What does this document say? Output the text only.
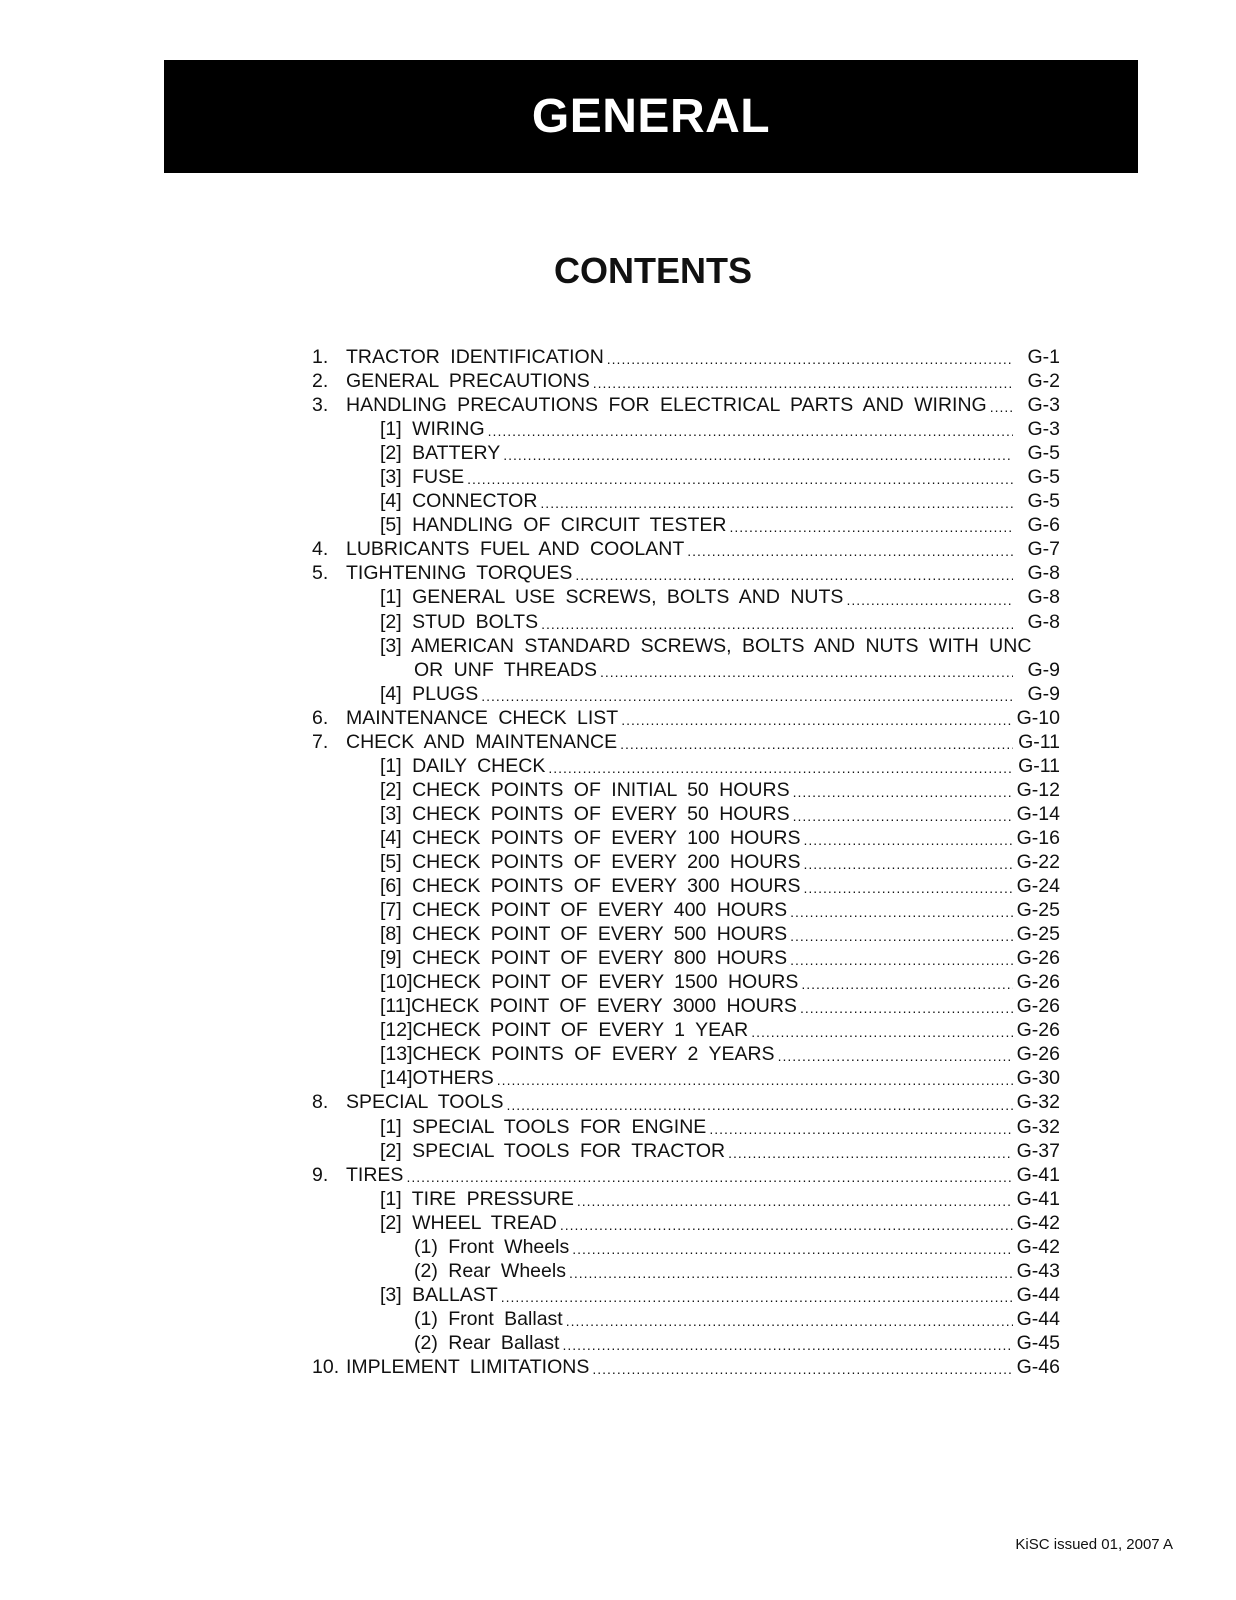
GENERAL
CONTENTS
1. TRACTOR IDENTIFICATION .....	G-1
2. GENERAL PRECAUTIONS .....	G-2
3. HANDLING PRECAUTIONS FOR ELECTRICAL PARTS AND WIRING .....	G-3
[1] WIRING .....	G-3
[2] BATTERY .....	G-5
[3] FUSE .....	G-5
[4] CONNECTOR .....	G-5
[5] HANDLING OF CIRCUIT TESTER .....	G-6
4. LUBRICANTS FUEL AND COOLANT .....	G-7
5. TIGHTENING TORQUES .....	G-8
[1] GENERAL USE SCREWS, BOLTS AND NUTS .....	G-8
[2] STUD BOLTS .....	G-8
[3] AMERICAN STANDARD SCREWS, BOLTS AND NUTS WITH UNC
OR UNF THREADS .....	G-9
[4] PLUGS .....	G-9
6. MAINTENANCE CHECK LIST .....	G-10
7. CHECK AND MAINTENANCE .....	G-11
[1] DAILY CHECK .....	G-11
[2] CHECK POINTS OF INITIAL 50 HOURS .....	G-12
[3] CHECK POINTS OF EVERY 50 HOURS .....	G-14
[4] CHECK POINTS OF EVERY 100 HOURS .....	G-16
[5] CHECK POINTS OF EVERY 200 HOURS .....	G-22
[6] CHECK POINTS OF EVERY 300 HOURS .....	G-24
[7] CHECK POINT OF EVERY 400 HOURS .....	G-25
[8] CHECK POINT OF EVERY 500 HOURS .....	G-25
[9] CHECK POINT OF EVERY 800 HOURS .....	G-26
[10]CHECK POINT OF EVERY 1500 HOURS .....	G-26
[11]CHECK POINT OF EVERY 3000 HOURS .....	G-26
[12]CHECK POINT OF EVERY 1 YEAR .....	G-26
[13]CHECK POINTS OF EVERY 2 YEARS .....	G-26
[14]OTHERS .....	G-30
8. SPECIAL TOOLS .....	G-32
[1] SPECIAL TOOLS FOR ENGINE .....	G-32
[2] SPECIAL TOOLS FOR TRACTOR .....	G-37
9. TIRES .....	G-41
[1] TIRE PRESSURE .....	G-41
[2] WHEEL TREAD .....	G-42
(1) Front Wheels .....	G-42
(2) Rear Wheels .....	G-43
[3] BALLAST .....	G-44
(1) Front Ballast .....	G-44
(2) Rear Ballast .....	G-45
10. IMPLEMENT LIMITATIONS .....	G-46
KiSC issued 01, 2007 A
